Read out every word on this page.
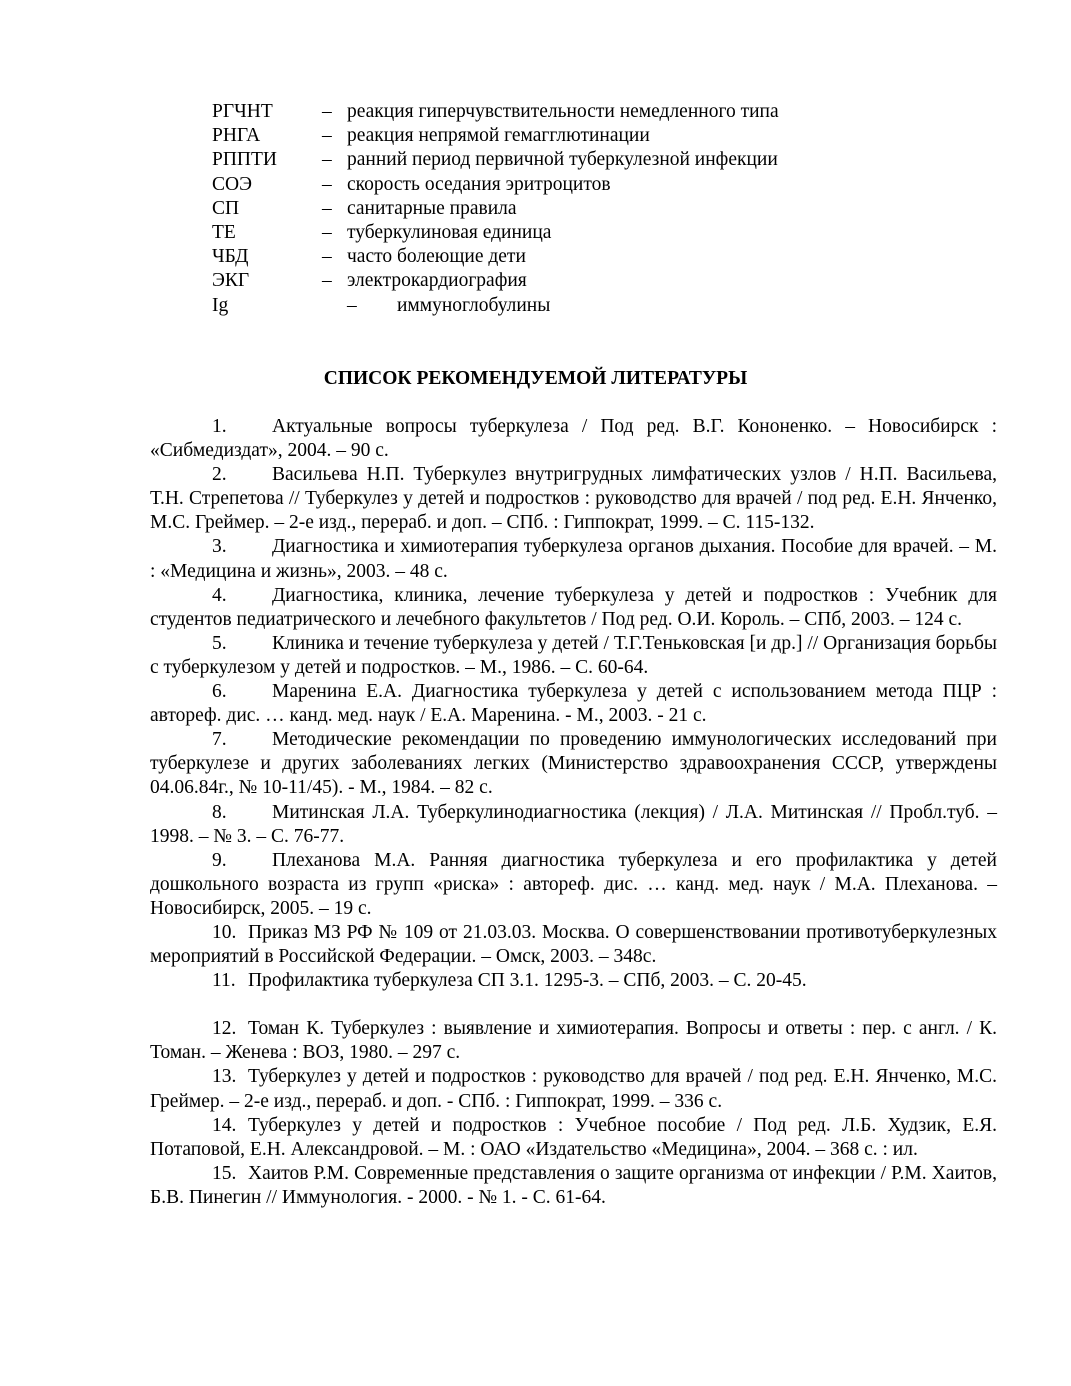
РГЧНТ	– реакция гиперчувствительности немедленного типа
РНГА	– реакция непрямой гемагглютинации
РППТИ – ранний период первичной туберкулезной инфекции
СОЭ	– скорость оседания эритроцитов
СП	– санитарные правила
ТЕ	– туберкулиновая единица
ЧБД	– часто болеющие дети
ЭКГ	– электрокардиография
Ig	– иммуноглобулины
СПИСОК РЕКОМЕНДУЕМОЙ ЛИТЕРАТУРЫ

1. Актуальные вопросы туберкулеза / Под ред. В.Г. Кононенко. – Новосибирск : «Сибмедиздат», 2004. – 90 с.

2. Васильева Н.П. Туберкулез внутригрудных лимфатических узлов / Н.П. Васильева, Т.Н. Стрепетова // Туберкулез у детей и подростков : руководство для врачей / под ред. Е.Н. Янченко, М.С. Греймер. – 2-е изд., перераб. и доп. – СПб. : Гиппократ, 1999. – С. 115-132.

3. Диагностика и химиотерапия туберкулеза органов дыхания. Пособие для врачей. – М. : «Медицина и жизнь», 2003. – 48 с.

4. Диагностика, клиника, лечение туберкулеза у детей и подростков : Учебник для студентов педиатрического и лечебного факультетов / Под ред. О.И. Король. – СПб, 2003. – 124 с.

5. Клиника и течение туберкулеза у детей / Т.Г.Теньковская [и др.] // Организация борьбы с туберкулезом у детей и подростков. – М., 1986. – С. 60-64.

6. Маренина Е.А. Диагностика туберкулеза у детей с использованием метода ПЦР : автореф. дис. … канд. мед. наук / Е.А. Маренина. - М., 2003. - 21 с.

7. Методические рекомендации по проведению иммунологических исследований при туберкулезе и других заболеваниях легких (Министерство здравоохранения СССР, утверждены 04.06.84г., № 10-11/45). - М., 1984. – 82 с.

8. Митинская Л.А. Туберкулинодиагностика (лекция) / Л.А. Митинская // Пробл.туб. – 1998. – № 3. – С. 76-77.

9. Плеханова М.А. Ранняя диагностика туберкулеза и его профилактика у детей дошкольного возраста из групп «риска» : автореф. дис. … канд. мед. наук / М.А. Плеханова. – Новосибирск, 2005. – 19 с.

10. Приказ МЗ РФ № 109 от 21.03.03. Москва. О совершенствовании противотуберкулезных мероприятий в Российской Федерации. – Омск, 2003. – 348с.

11. Профилактика туберкулеза СП 3.1. 1295-3. – СПб, 2003. – С. 20-45.

12. Томан К. Туберкулез : выявление и химиотерапия. Вопросы и ответы : пер. с англ. / К. Томан. – Женева : ВОЗ, 1980. – 297 с.

13. Туберкулез у детей и подростков : руководство для врачей / под ред. Е.Н. Янченко, М.С. Греймер. – 2-е изд., перераб. и доп. - СПб. : Гиппократ, 1999. – 336 с.

14. Туберкулез у детей и подростков : Учебное пособие / Под ред. Л.Б. Худзик, Е.Я. Потаповой, Е.Н. Александровой. – М. : ОАО «Издательство «Медицина», 2004. – 368 с. : ил.

15. Хаитов Р.М. Современные представления о защите организма от инфекции / Р.М. Хаитов, Б.В. Пинегин // Иммунология. - 2000. - № 1. - С. 61-64.
